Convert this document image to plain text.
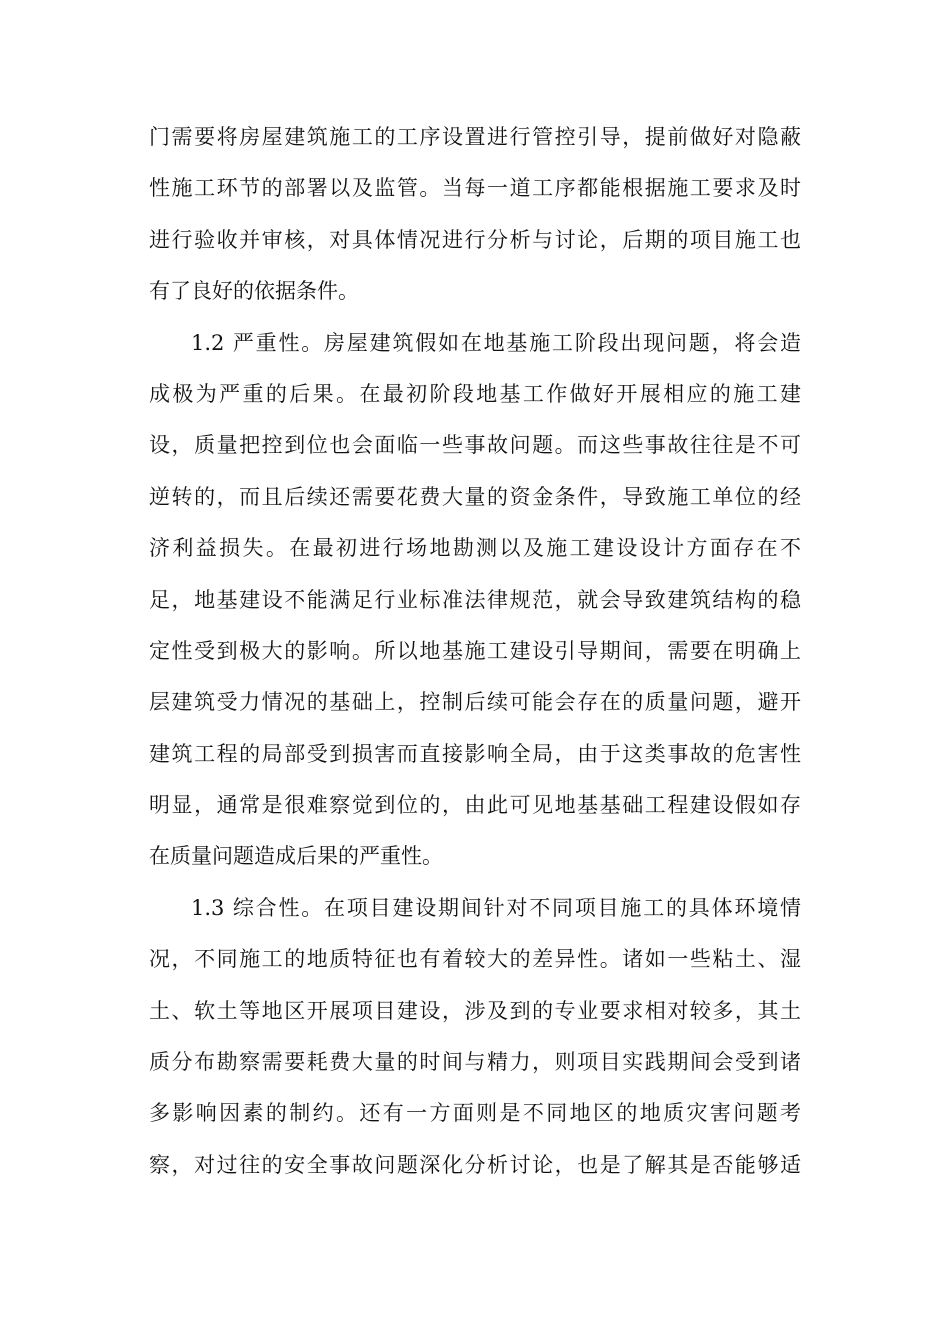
门需要将房屋建筑施工的工序设置进行管控引导，提前做好对隐蔽
性施工环节的部署以及监管。当每一道工序都能根据施工要求及时
进行验收并审核，对具体情况进行分析与讨论，后期的项目施工也
有了良好的依据条件。
1.2 严重性。房屋建筑假如在地基施工阶段出现问题，将会造
成极为严重的后果。在最初阶段地基工作做好开展相应的施工建
设，质量把控到位也会面临一些事故问题。而这些事故往往是不可
逆转的，而且后续还需要花费大量的资金条件，导致施工单位的经
济利益损失。在最初进行场地勘测以及施工建设设计方面存在不
足，地基建设不能满足行业标准法律规范，就会导致建筑结构的稳
定性受到极大的影响。所以地基施工建设引导期间，需要在明确上
层建筑受力情况的基础上，控制后续可能会存在的质量问题，避开
建筑工程的局部受到损害而直接影响全局，由于这类事故的危害性
明显，通常是很难察觉到位的，由此可见地基基础工程建设假如存
在质量问题造成后果的严重性。
1.3 综合性。在项目建设期间针对不同项目施工的具体环境情
况，不同施工的地质特征也有着较大的差异性。诸如一些粘土、湿
土、软土等地区开展项目建设，涉及到的专业要求相对较多，其土
质分布勘察需要耗费大量的时间与精力，则项目实践期间会受到诸
多影响因素的制约。还有一方面则是不同地区的地质灾害问题考
察，对过往的安全事故问题深化分析讨论，也是了解其是否能够适
